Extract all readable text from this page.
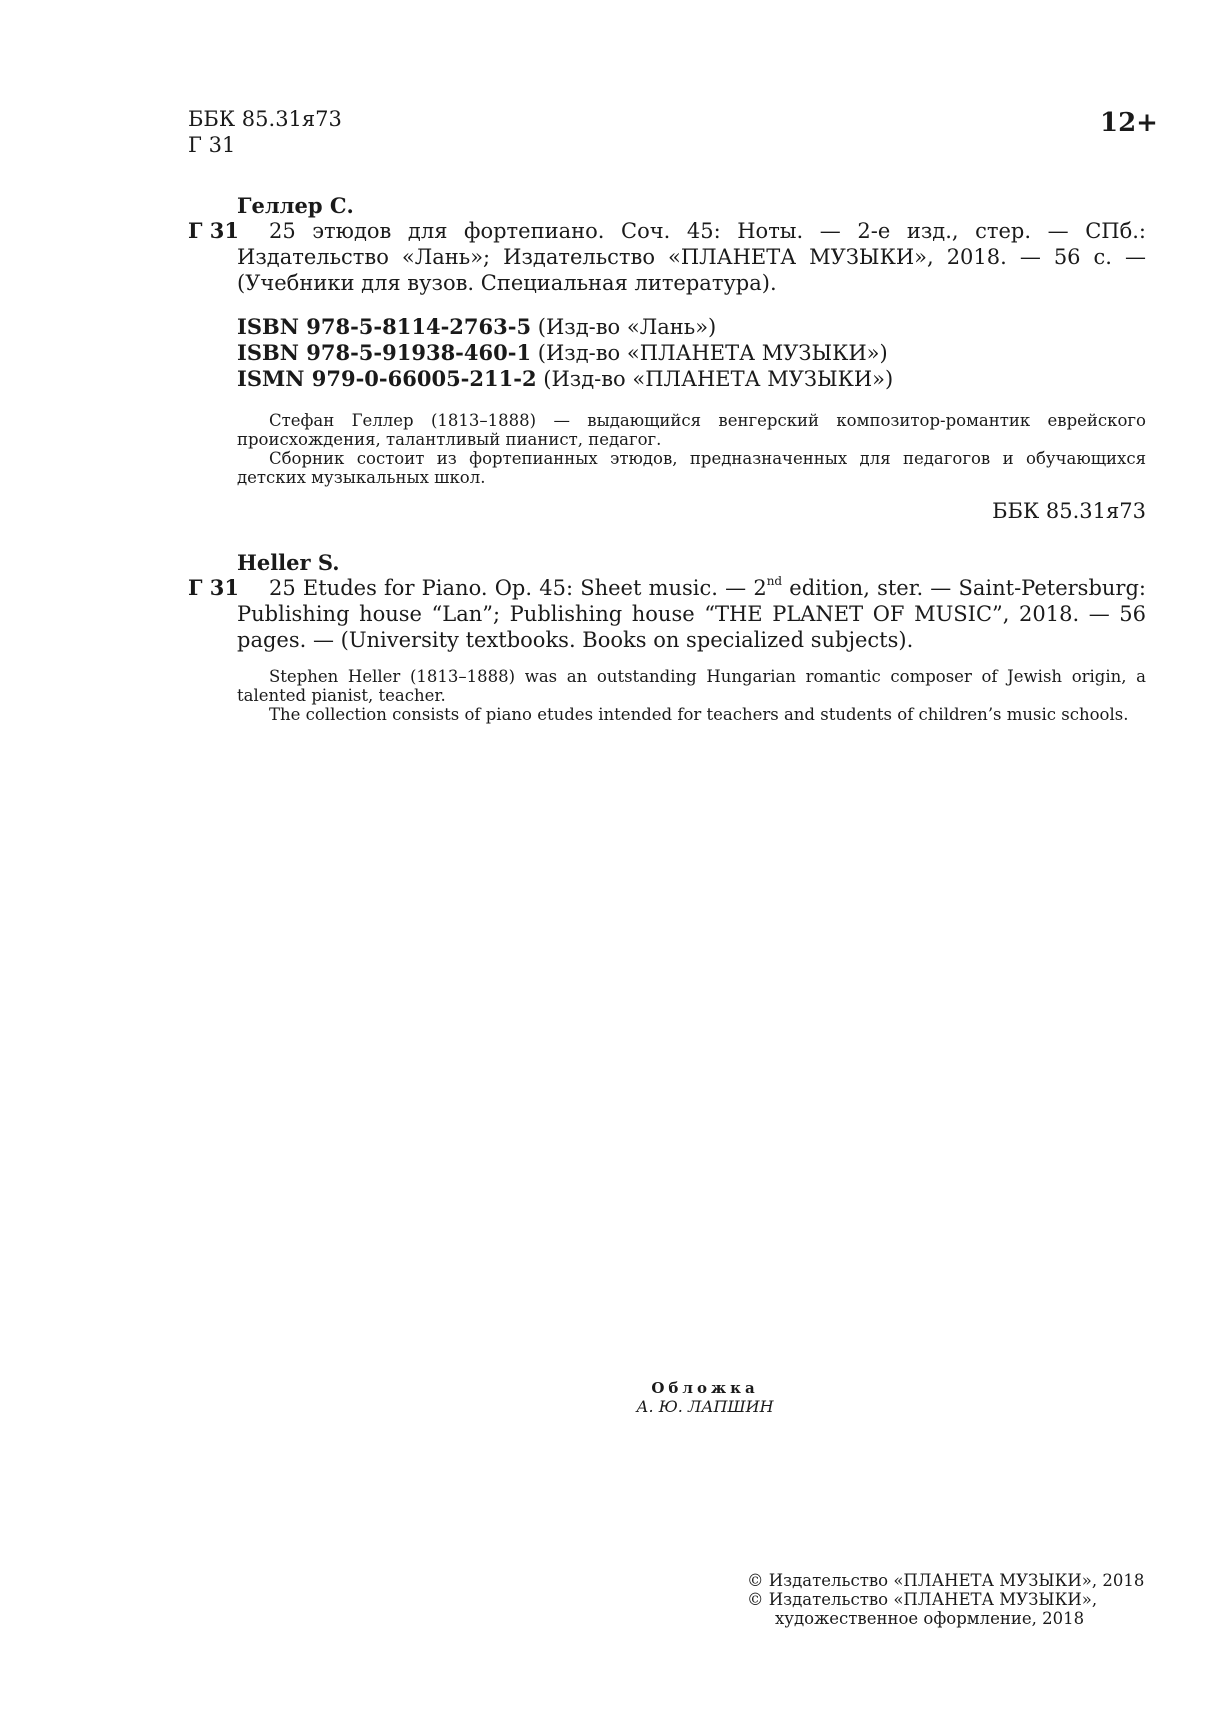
ББК 85.31я73
Г 31
12+
Геллер С.
Г 31	25 этюдов для фортепиано. Соч. 45: Ноты. — 2-е изд., стер. — СПб.: Издательство «Лань»; Издательство «ПЛАНЕТА МУЗЫКИ», 2018. — 56 с. — (Учебники для вузов. Специальная литература).
ISBN 978-5-8114-2763-5 (Изд-во «Лань»)
ISBN 978-5-91938-460-1 (Изд-во «ПЛАНЕТА МУЗЫКИ»)
ISMN 979-0-66005-211-2 (Изд-во «ПЛАНЕТА МУЗЫКИ»)
Стефан Геллер (1813–1888) — выдающийся венгерский композитор-романтик еврейского происхождения, талантливый пианист, педагог.
Сборник состоит из фортепианных этюдов, предназначенных для педагогов и обучающихся детских музыкальных школ.
ББК 85.31я73
Heller S.
Г 31	25 Etudes for Piano. Op. 45: Sheet music. — 2nd edition, ster. — Saint-Petersburg: Publishing house “Lan”; Publishing house “THE PLANET OF MUSIC”, 2018. — 56 pages. — (University textbooks. Books on specialized subjects).
Stephen Heller (1813–1888) was an outstanding Hungarian romantic composer of Jewish origin, a talented pianist, teacher.
The collection consists of piano etudes intended for teachers and students of children’s music schools.
Обложка
А. Ю. ЛАПШИН
© Издательство «ПЛАНЕТА МУЗЫКИ», 2018
© Издательство «ПЛАНЕТА МУЗЫКИ»,
художественное оформление, 2018
